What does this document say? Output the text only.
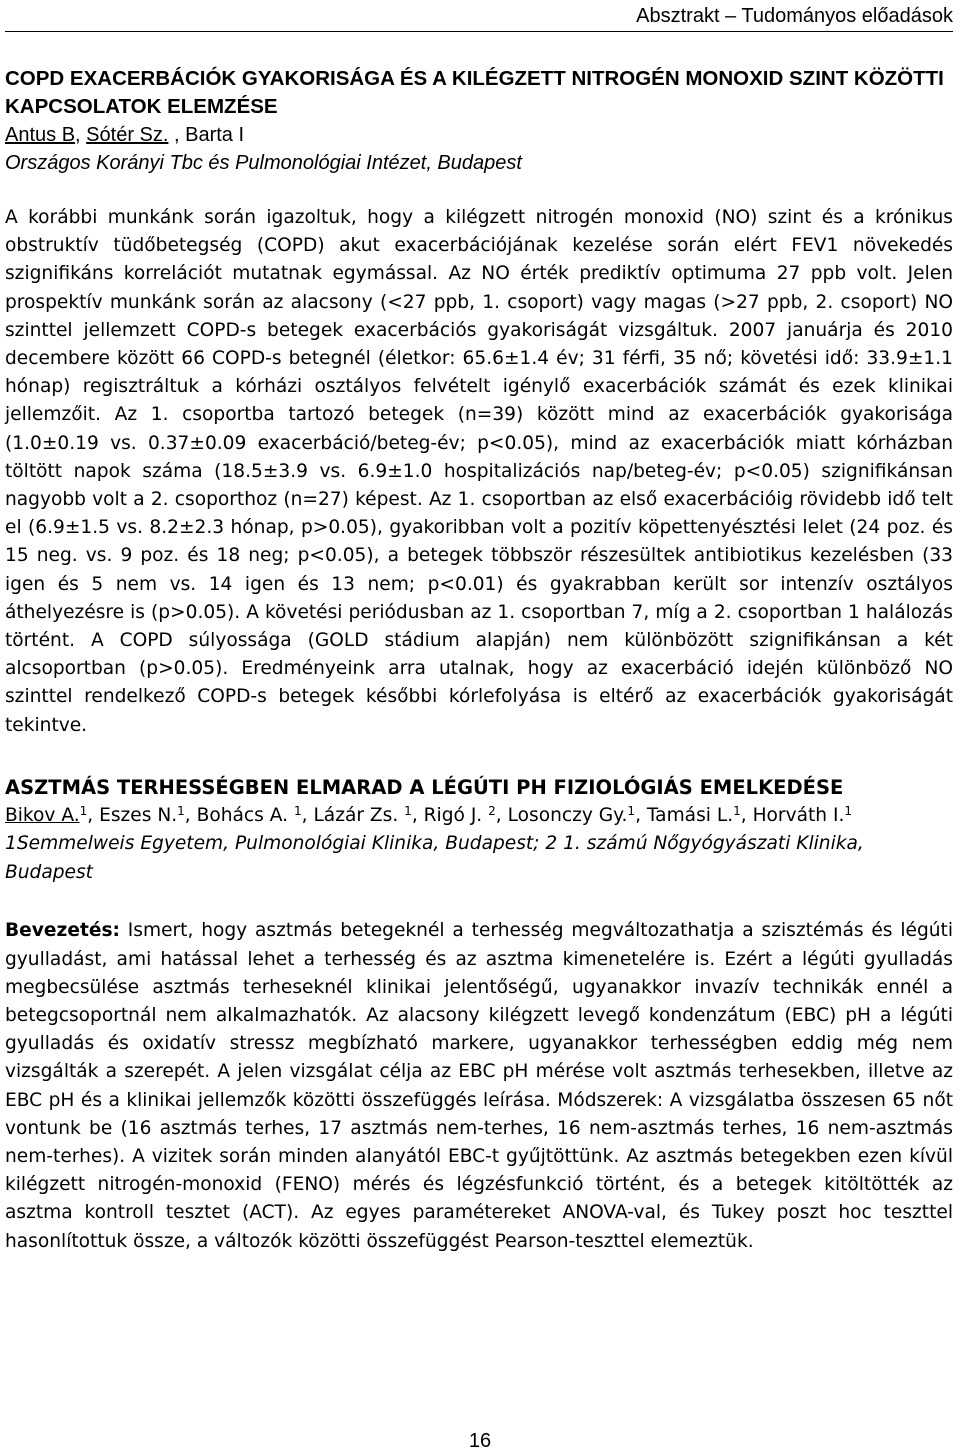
Absztrakt – Tudományos előadások
COPD EXACERBÁCIÓK GYAKORISÁGA ÉS A KILÉGZETT NITROGÉN MONOXID SZINT KÖZÖTTI KAPCSOLATOK ELEMZÉSE
Antus B, Sótér Sz. , Barta I
Országos Korányi Tbc és Pulmonológiai Intézet, Budapest

A korábbi munkánk során igazoltuk, hogy a kilégzett nitrogén monoxid (NO) szint és a krónikus obstruktív tüdőbetegség (COPD) akut exacerbációjának kezelése során elért FEV1 növekedés szignifikáns korrelációt mutatnak egymással. Az NO érték prediktív optimuma 27 ppb volt. Jelen prospektív munkánk során az alacsony (<27 ppb, 1. csoport) vagy magas (>27 ppb, 2. csoport) NO szinttel jellemzett COPD-s betegek exacerbációs gyakoriságát vizsgáltuk. 2007 januárja és 2010 decembere között 66 COPD-s betegnél (életkor: 65.6±1.4 év; 31 férfi, 35 nő; követési idő: 33.9±1.1 hónap) regisztráltuk a kórházi osztályos felvételt igénylő exacerbációk számát és ezek klinikai jellemzőit. Az 1. csoportba tartozó betegek (n=39) között mind az exacerbációk gyakorisága (1.0±0.19 vs. 0.37±0.09 exacerbáció/beteg-év; p<0.05), mind az exacerbációk miatt kórházban töltött napok száma (18.5±3.9 vs. 6.9±1.0 hospitalizációs nap/beteg-év; p<0.05) szignifikánsan nagyobb volt a 2. csoporthoz (n=27) képest. Az 1. csoportban az első exacerbációig rövidebb idő telt el (6.9±1.5 vs. 8.2±2.3 hónap, p>0.05), gyakoribban volt a pozitív köpettenyésztési lelet (24 poz. és 15 neg. vs. 9 poz. és 18 neg; p<0.05), a betegek többször részesültek antibiotikus kezelésben (33 igen és 5 nem vs. 14 igen és 13 nem; p<0.01) és gyakrabban került sor intenzív osztályos áthelyezésre is (p>0.05). A követési periódusban az 1. csoportban 7, míg a 2. csoportban 1 halálozás történt. A COPD súlyossága (GOLD stádium alapján) nem különbözött szignifikánsan a két alcsoportban (p>0.05). Eredményeink arra utalnak, hogy az exacerbáció idején különböző NO szinttel rendelkező COPD-s betegek későbbi kórlefolyása is eltérő az exacerbációk gyakoriságát tekintve.

ASZTMÁS TERHESSÉGBEN ELMARAD A LÉGÚTI PH FIZIOLÓGIÁS EMELKEDÉSE
Bikov A.$^1$, Eszes N.$^1$, Bohács A. $^1$, Lázár Zs. $^1$, Rigó J. $^2$, Losonczy Gy.$^1$, Tamási L.$^1$, Horváth I.$^1$
1Semmelweis Egyetem, Pulmonológiai Klinika, Budapest; 2 1. számú Nőgyógyászati Klinika, Budapest

Bevezetés: Ismert, hogy asztmás betegeknél a terhesség megváltozathatja a szisztémás és légúti gyulladást, ami hatással lehet a terhesség és az asztma kimenetelére is. Ezért a légúti gyulladás megbecsülése asztmás terheseknél klinikai jelentőségű, ugyanakkor invazív technikák ennél a betegcsoportnál nem alkalmazhatók. Az alacsony kilégzett levegő kondenzátum (EBC) pH a légúti gyulladás és oxidatív stressz megbízható markere, ugyanakkor terhességben eddig még nem vizsgálták a szerepét. A jelen vizsgálat célja az EBC pH mérése volt asztmás terhesekben, illetve az EBC pH és a klinikai jellemzők közötti összefüggés leírása. Módszerek: A vizsgálatba összesen 65 nőt vontunk be (16 asztmás terhes, 17 asztmás nem-terhes, 16 nem-asztmás terhes, 16 nem-asztmás nem-terhes). A vizitek során minden alanyától EBC-t gyűjtöttünk. Az asztmás betegekben ezen kívül kilégzett nitrogén-monoxid (FENO) mérés és légzésfunkció történt, és a betegek kitöltötték az asztma kontroll tesztet (ACT). Az egyes paramétereket ANOVA-val, és Tukey poszt hoc teszttel hasonlítottuk össze, a változók közötti összefüggést Pearson-teszttel elemeztük.

16
